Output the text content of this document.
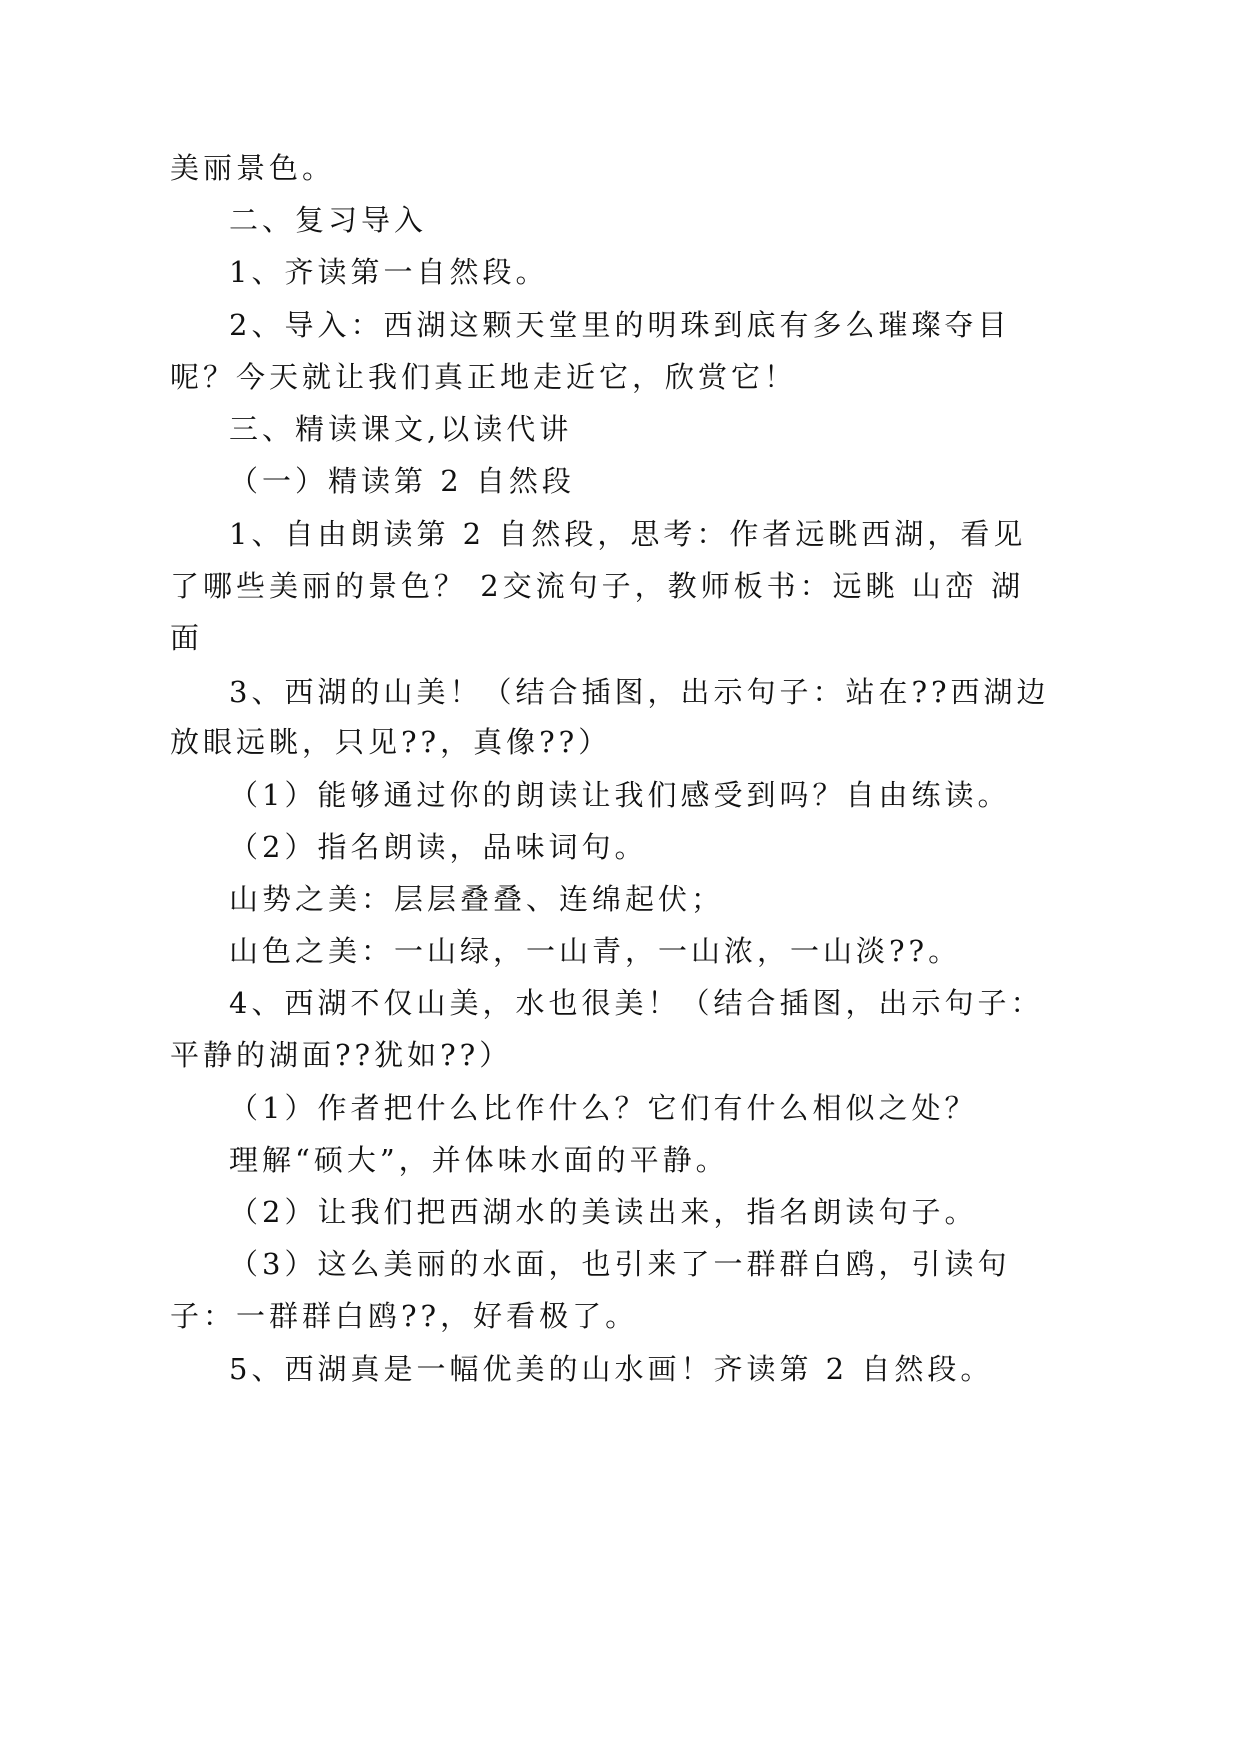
美丽景色。

二、复习导入

1、齐读第一自然段。

2、导入：西湖这颗天堂里的明珠到底有多么璀璨夺目

呢？今天就让我们真正地走近它，欣赏它！

三、精读课文,以读代讲

（一）精读第 2 自然段

1、自由朗读第 2 自然段，思考：作者远眺西湖，看见

了哪些美丽的景色？ 2交流句子，教师板书：远眺 山峦 湖

面

3、西湖的山美！（结合插图，出示句子：站在??西湖边

放眼远眺，只见??，真像??）

（1）能够通过你的朗读让我们感受到吗？自由练读。

（2）指名朗读，品味词句。

山势之美：层层叠叠、连绵起伏；

山色之美：一山绿，一山青，一山浓，一山淡??。

4、西湖不仅山美，水也很美！（结合插图，出示句子：

平静的湖面??犹如??）

（1）作者把什么比作什么？它们有什么相似之处？

理解“硕大”，并体味水面的平静。

（2）让我们把西湖水的美读出来，指名朗读句子。

（3）这么美丽的水面，也引来了一群群白鸥，引读句

子：一群群白鸥??，好看极了。

5、西湖真是一幅优美的山水画！齐读第 2 自然段。
